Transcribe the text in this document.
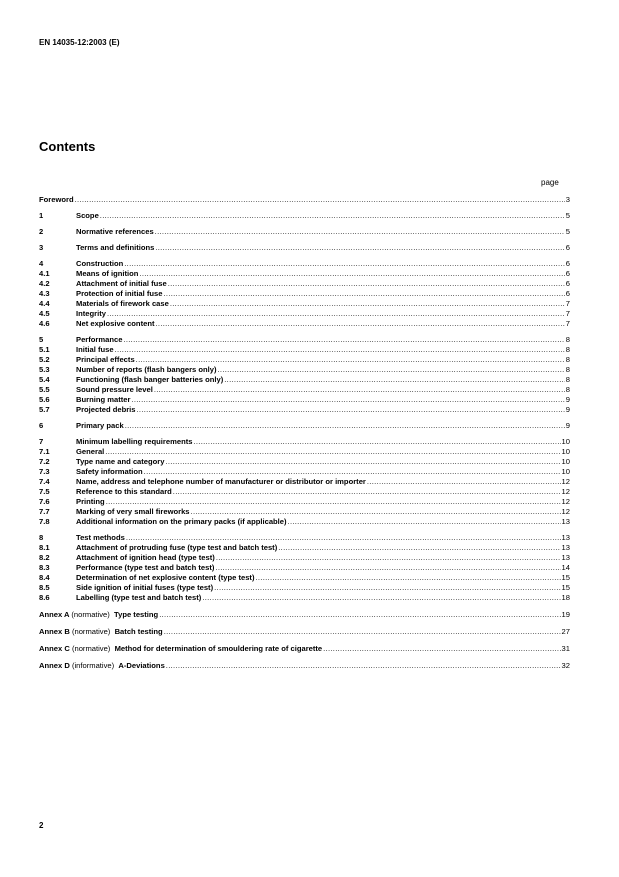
EN 14035-12:2003 (E)
Contents
page
Foreword .....	3
1	Scope .....	5
2	Normative references .....	5
3	Terms and definitions .....	6
4	Construction .....	6
4.1	Means of ignition .....	6
4.2	Attachment of initial fuse .....	6
4.3	Protection of initial fuse .....	6
4.4	Materials of firework case .....	7
4.5	Integrity .....	7
4.6	Net explosive content .....	7
5	Performance .....	8
5.1	Initial fuse .....	8
5.2	Principal effects .....	8
5.3	Number of reports (flash bangers only) .....	8
5.4	Functioning (flash banger batteries only) .....	8
5.5	Sound pressure level .....	8
5.6	Burning matter .....	9
5.7	Projected debris .....	9
6	Primary pack .....	9
7	Minimum labelling requirements .....	10
7.1	General .....	10
7.2	Type name and category .....	10
7.3	Safety information .....	10
7.4	Name, address and telephone number of manufacturer or distributor or importer .....	12
7.5	Reference to this standard .....	12
7.6	Printing .....	12
7.7	Marking of very small fireworks .....	12
7.8	Additional information on the primary packs (if applicable) .....	13
8	Test methods .....	13
8.1	Attachment of protruding fuse (type test and batch test) .....	13
8.2	Attachment of ignition head (type test) .....	13
8.3	Performance (type test and batch test) .....	14
8.4	Determination of net explosive content (type test) .....	15
8.5	Side ignition of initial fuses (type test) .....	15
8.6	Labelling (type test and batch test) .....	18
Annex A (normative) Type testing .....	19
Annex B (normative) Batch testing .....	27
Annex C (normative) Method for determination of smouldering rate of cigarette .....	31
Annex D (informative) A-Deviations .....	32
2
